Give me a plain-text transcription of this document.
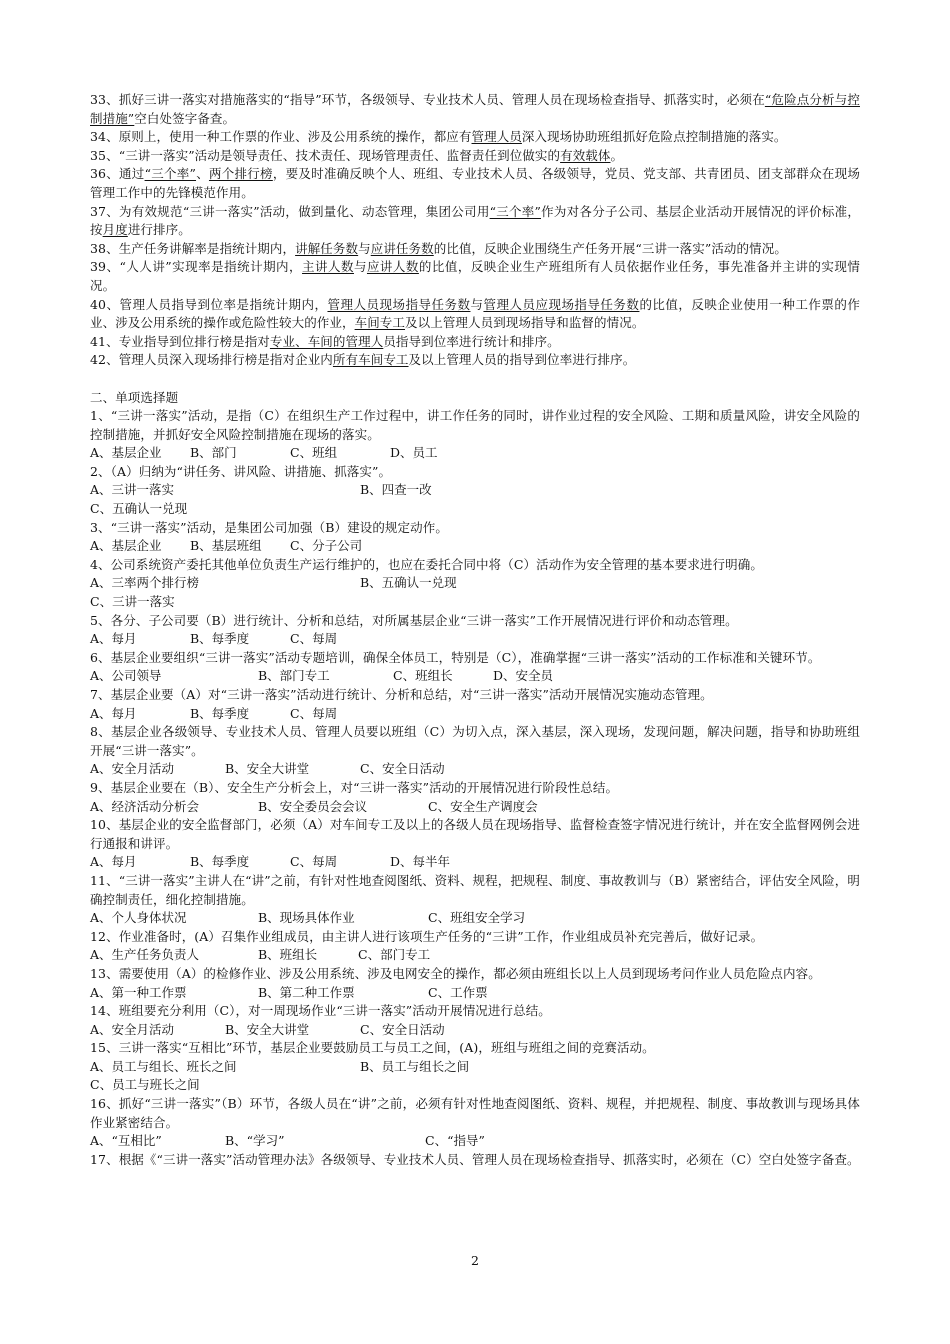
33、抓好三讲一落实对措施落实的“指导”环节，各级领导、专业技术人员、管理人员在现场检查指导、抓落实时，必须在“危险点分析与控制措施”空白处签字备查。

34、原则上，使用一种工作票的作业、涉及公用系统的操作，都应有管理人员深入现场协助班组抓好危险点控制措施的落实。

35、“三讲一落实”活动是领导责任、技术责任、现场管理责任、监督责任到位做实的有效载体。

36、通过“三个率”、两个排行榜，要及时准确反映个人、班组、专业技术人员、各级领导，党员、党支部、共青团员、团支部群众在现场管理工作中的先锋模范作用。

37、为有效规范“三讲一落实”活动，做到量化、动态管理，集团公司用“三个率”作为对各分子公司、基层企业活动开展情况的评价标准，按月度进行排序。

38、生产任务讲解率是指统计期内，讲解任务数与应讲任务数的比值，反映企业围绕生产任务开展“三讲一落实”活动的情况。

39、“人人讲”实现率是指统计期内，主讲人数与应讲人数的比值，反映企业生产班组所有人员依据作业任务，事先准备并主讲的实现情况。

40、管理人员指导到位率是指统计期内，管理人员现场指导任务数与管理人员应现场指导任务数的比值，反映企业使用一种工作票的作业、涉及公用系统的操作或危险性较大的作业，车间专工及以上管理人员到现场指导和监督的情况。

41、专业指导到位排行榜是指对专业、车间的管理人员指导到位率进行统计和排序。

42、管理人员深入现场排行榜是指对企业内所有车间专工及以上管理人员的指导到位率进行排序。

二、单项选择题

1、“三讲一落实”活动，是指（C）在组织生产工作过程中，讲工作任务的同时，讲作业过程的安全风险、工期和质量风险，讲安全风险的控制措施，并抓好安全风险控制措施在现场的落实。

A、基层企业	B、部门	C、班组	D、员工

2、（A）归纳为“讲任务、讲风险、讲措施、抓落实”。

A、三讲一落实	B、四查一改
C、五确认一兑现

3、“三讲一落实”活动，是集团公司加强（B）建设的规定动作。

A、基层企业	B、基层班组	C、分子公司

4、公司系统资产委托其他单位负责生产运行维护的，也应在委托合同中将（C）活动作为安全管理的基本要求进行明确。

A、三率两个排行榜	B、五确认一兑现
C、三讲一落实

5、各分、子公司要（B）进行统计、分析和总结，对所属基层企业“三讲一落实”工作开展情况进行评价和动态管理。

A、每月	B、每季度	C、每周

6、基层企业要组织“三讲一落实”活动专题培训，确保全体员工，特别是（C），准确掌握“三讲一落实”活动的工作标准和关键环节。

A、公司领导	B、部门专工	C、班组长	D、安全员

7、基层企业要（A）对“三讲一落实”活动进行统计、分析和总结，对“三讲一落实”活动开展情况实施动态管理。

A、每月	B、每季度	C、每周

8、基层企业各级领导、专业技术人员、管理人员要以班组（C）为切入点，深入基层，深入现场，发现问题，解决问题，指导和协助班组开展“三讲一落实”。

A、安全月活动	B、安全大讲堂	C、安全日活动

9、基层企业要在（B）、安全生产分析会上，对“三讲一落实”活动的开展情况进行阶段性总结。

A、经济活动分析会	B、安全委员会会议	C、安全生产调度会

10、基层企业的安全监督部门，必须（A）对车间专工及以上的各级人员在现场指导、监督检查签字情况进行统计，并在安全监督网例会进行通报和讲评。

A、每月	B、每季度	C、每周	D、每半年

11、“三讲一落实”主讲人在“讲”之前，有针对性地查阅图纸、资料、规程，把规程、制度、事故教训与（B）紧密结合，评估安全风险，明确控制责任，细化控制措施。

A、个人身体状况	B、现场具体作业	C、班组安全学习

12、作业准备时，(A）召集作业组成员，由主讲人进行该项生产任务的“三讲”工作，作业组成员补充完善后，做好记录。

A、生产任务负责人	B、班组长	C、部门专工

13、需要使用（A）的检修作业、涉及公用系统、涉及电网安全的操作，都必须由班组长以上人员到现场考问作业人员危险点内容。

A、第一种工作票	B、第二种工作票	C、工作票

14、班组要充分利用（C），对一周现场作业“三讲一落实”活动开展情况进行总结。

A、安全月活动	B、安全大讲堂	C、安全日活动

15、三讲一落实“互相比”环节，基层企业要鼓励员工与员工之间，(A)，班组与班组之间的竞赛活动。

A、员工与组长、班长之间	B、员工与组长之间
C、员工与班长之间

16、抓好“三讲一落实”（B）环节，各级人员在“讲”之前，必须有针对性地查阅图纸、资料、规程，并把规程、制度、事故教训与现场具体作业紧密结合。

A、“互相比”	B、“学习”	C、“指导”

17、根据《“三讲一落实”活动管理办法》各级领导、专业技术人员、管理人员在现场检查指导、抓落实时，必须在（C）空白处签字备查。

2
